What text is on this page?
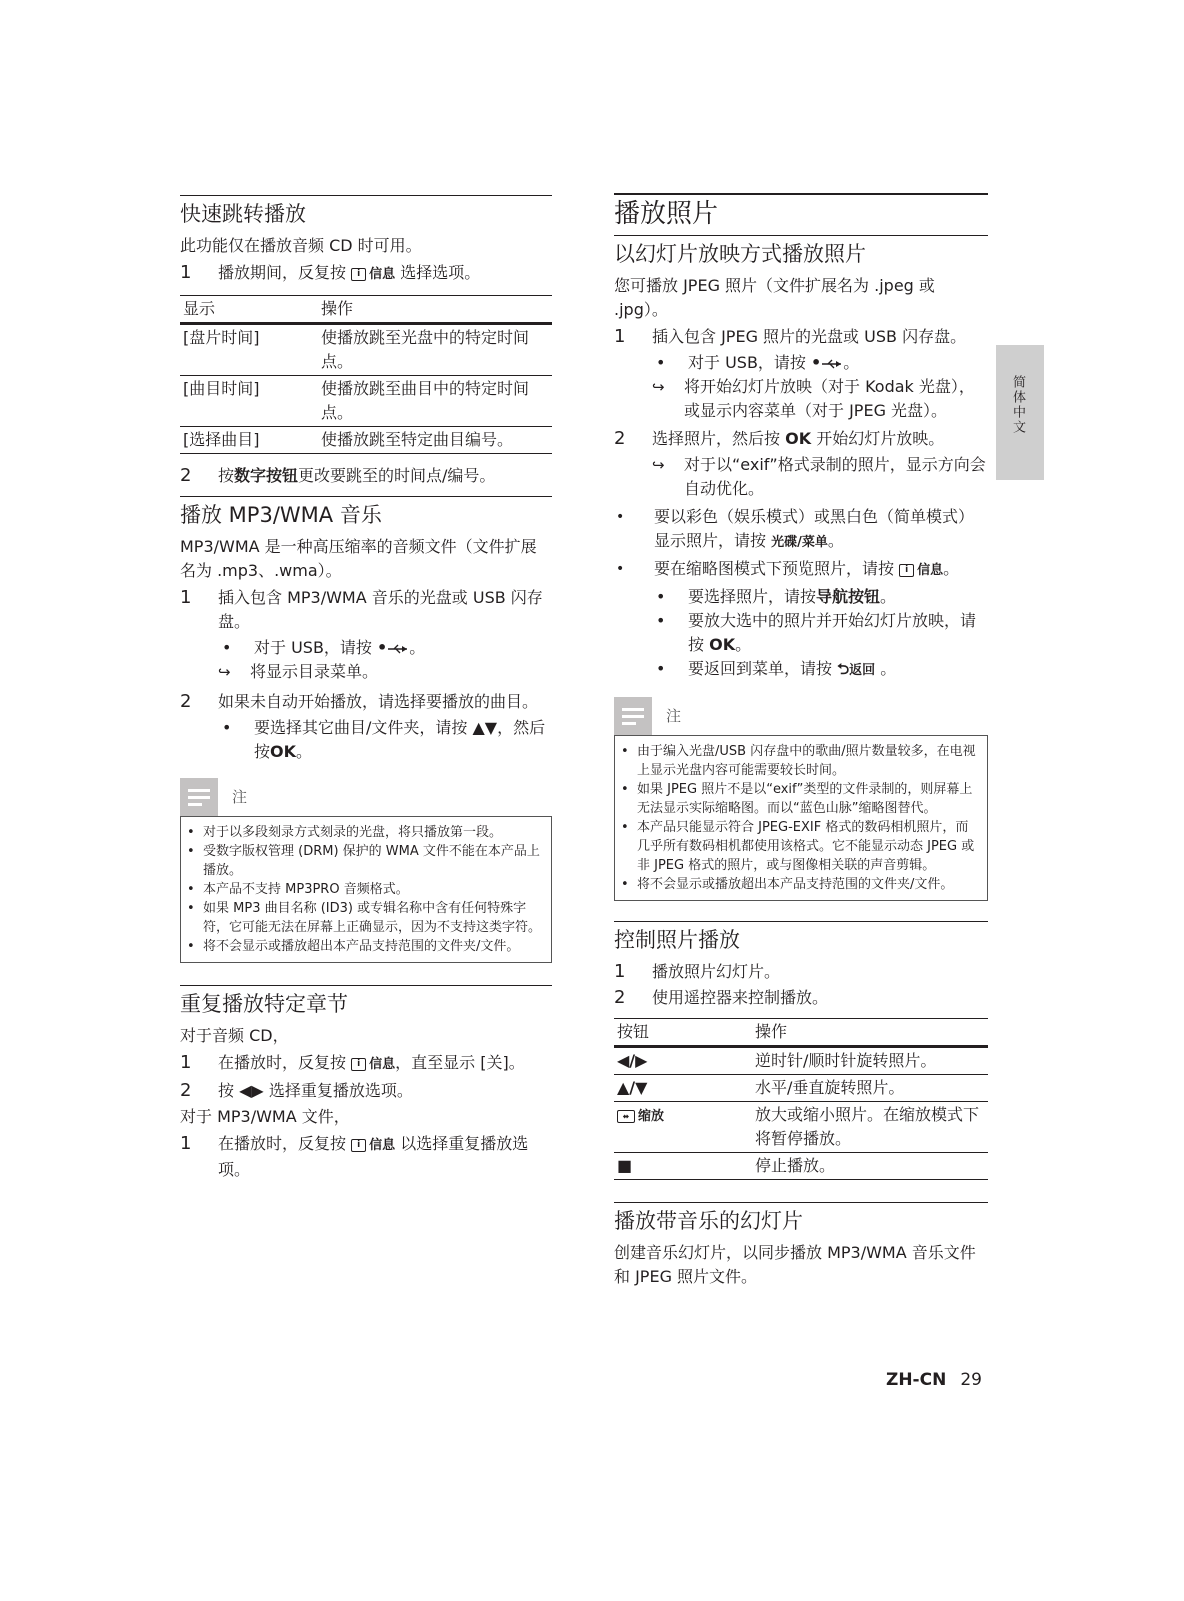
快速跳转播放

此功能仅在播放音频 CD 时可用。

1	播放期间，反复按 i 信息 选择选项。
显示	操作
[盘片时间]	使播放跳至光盘中的特定时间点。
[曲目时间]	使播放跳至曲目中的特定时间点。
[选择曲目]	使播放跳至特定曲目编号。
2	按数字按钮更改要跳至的时间点/编号。
播放 MP3/WMA 音乐

MP3/WMA 是一种高压缩率的音频文件（文件扩展名为 .mp3、.wma）。

1	插入包含 MP3/WMA 音乐的光盘或 USB 闪存盘。
•	对于 USB，请按 • 。
↪	将显示目录菜单。
2	如果未自动开始播放，请选择要播放的曲目。
•	要选择其它曲目/文件夹，请按 ▲▼，然后按OK。
注
• 对于以多段刻录方式刻录的光盘，将只播放第一段。
• 受数字版权管理 (DRM) 保护的 WMA 文件不能在本产品上播放。
• 本产品不支持 MP3PRO 音频格式。
• 如果 MP3 曲目名称 (ID3) 或专辑名称中含有任何特殊字符，它可能无法在屏幕上正确显示，因为不支持这类字符。
• 将不会显示或播放超出本产品支持范围的文件夹/文件。
重复播放特定章节

对于音频 CD，

1	在播放时，反复按 i 信息，直至显示 [关]。
2	按 ◀▶ 选择重复播放选项。

对于 MP3/WMA 文件，

1	在播放时，反复按 i 信息 以选择重复播放选项。
播放照片
以幻灯片放映方式播放照片

您可播放 JPEG 照片（文件扩展名为 .jpeg 或 .jpg）。

1	插入包含 JPEG 照片的光盘或 USB 闪存盘。
•	对于 USB，请按 • 。
↪	将开始幻灯片放映（对于 Kodak 光盘），或显示内容菜单（对于 JPEG 光盘）。
2	选择照片，然后按 OK 开始幻灯片放映。
↪	对于以“exif”格式录制的照片，显示方向会自动优化。
•	要以彩色（娱乐模式）或黑白色（简单模式）显示照片，请按 光碟/菜单。
•	要在缩略图模式下预览照片，请按 i 信息。
•	要选择照片，请按导航按钮。
•	要放大选中的照片并开始幻灯片放映，请按 OK。
•	要返回到菜单，请按 ⮌返回 。
注
• 由于编入光盘/USB 闪存盘中的歌曲/照片数量较多，在电视上显示光盘内容可能需要较长时间。
• 如果 JPEG 照片不是以“exif”类型的文件录制的，则屏幕上无法显示实际缩略图。而以“蓝色山脉”缩略图替代。
• 本产品只能显示符合 JPEG-EXIF 格式的数码相机照片，而几乎所有数码相机都使用该格式。它不能显示动态 JPEG 或非 JPEG 格式的照片，或与图像相关联的声音剪辑。
• 将不会显示或播放超出本产品支持范围的文件夹/文件。
控制照片播放
1	播放照片幻灯片。
2	使用遥控器来控制播放。
按钮	操作
◀/▶	逆时针/顺时针旋转照片。
▲/▼	水平/垂直旋转照片。
⬌ 缩放	放大或缩小照片。在缩放模式下将暂停播放。
■	停止播放。
播放带音乐的幻灯片

创建音乐幻灯片，以同步播放 MP3/WMA 音乐文件和 JPEG 照片文件。

简体中文
ZH-CN 29
